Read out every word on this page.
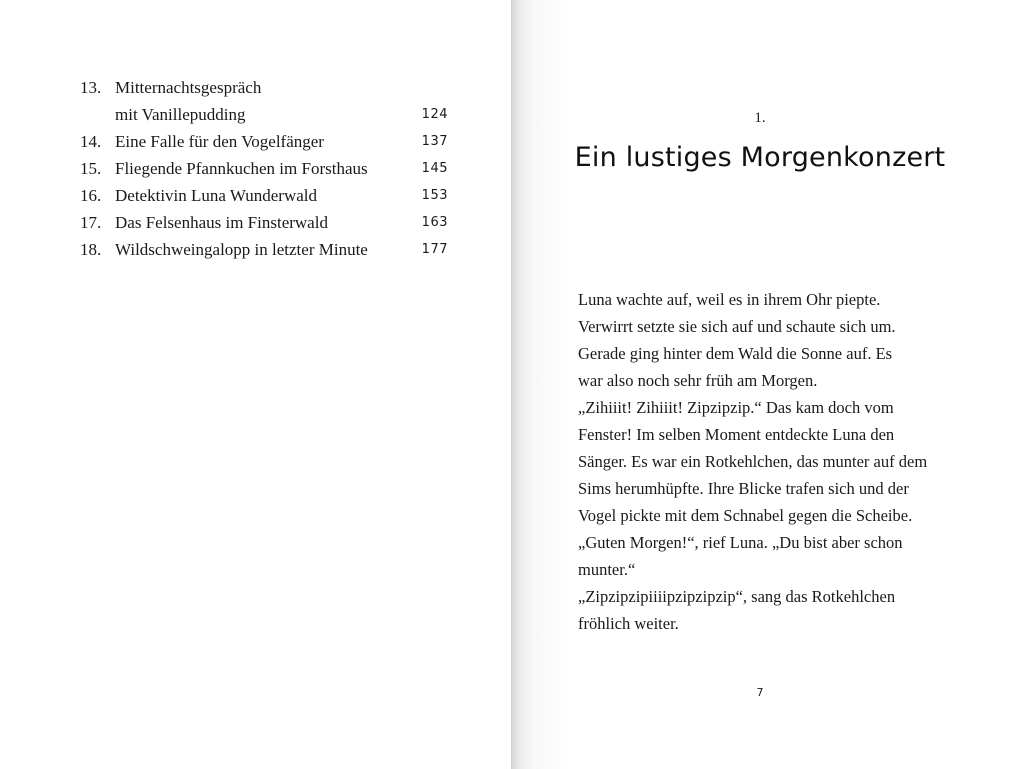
13. Mitternachtsgespräch
mit Vanillepudding	124
14. Eine Falle für den Vogelfänger	137
15. Fliegende Pfannkuchen im Forsthaus	145
16. Detektivin Luna Wunderwald	153
17. Das Felsenhaus im Finsterwald	163
18. Wildschweingalopp in letzter Minute	177
1.
Ein lustiges Morgenkonzert
Luna wachte auf, weil es in ihrem Ohr piepte.
Verwirrt setzte sie sich auf und schaute sich um.
Gerade ging hinter dem Wald die Sonne auf. Es
war also noch sehr früh am Morgen.
„Zihiiit! Zihiiit! Zipzipzip.“ Das kam doch vom
Fenster! Im selben Moment entdeckte Luna den
Sänger. Es war ein Rotkehlchen, das munter auf dem
Sims herumhüpfte. Ihre Blicke trafen sich und der
Vogel pickte mit dem Schnabel gegen die Scheibe.
„Guten Morgen!“, rief Luna. „Du bist aber schon
munter.“
„Zipzipzipiiiipzipzipzip“, sang das Rotkehlchen
fröhlich weiter.
7
